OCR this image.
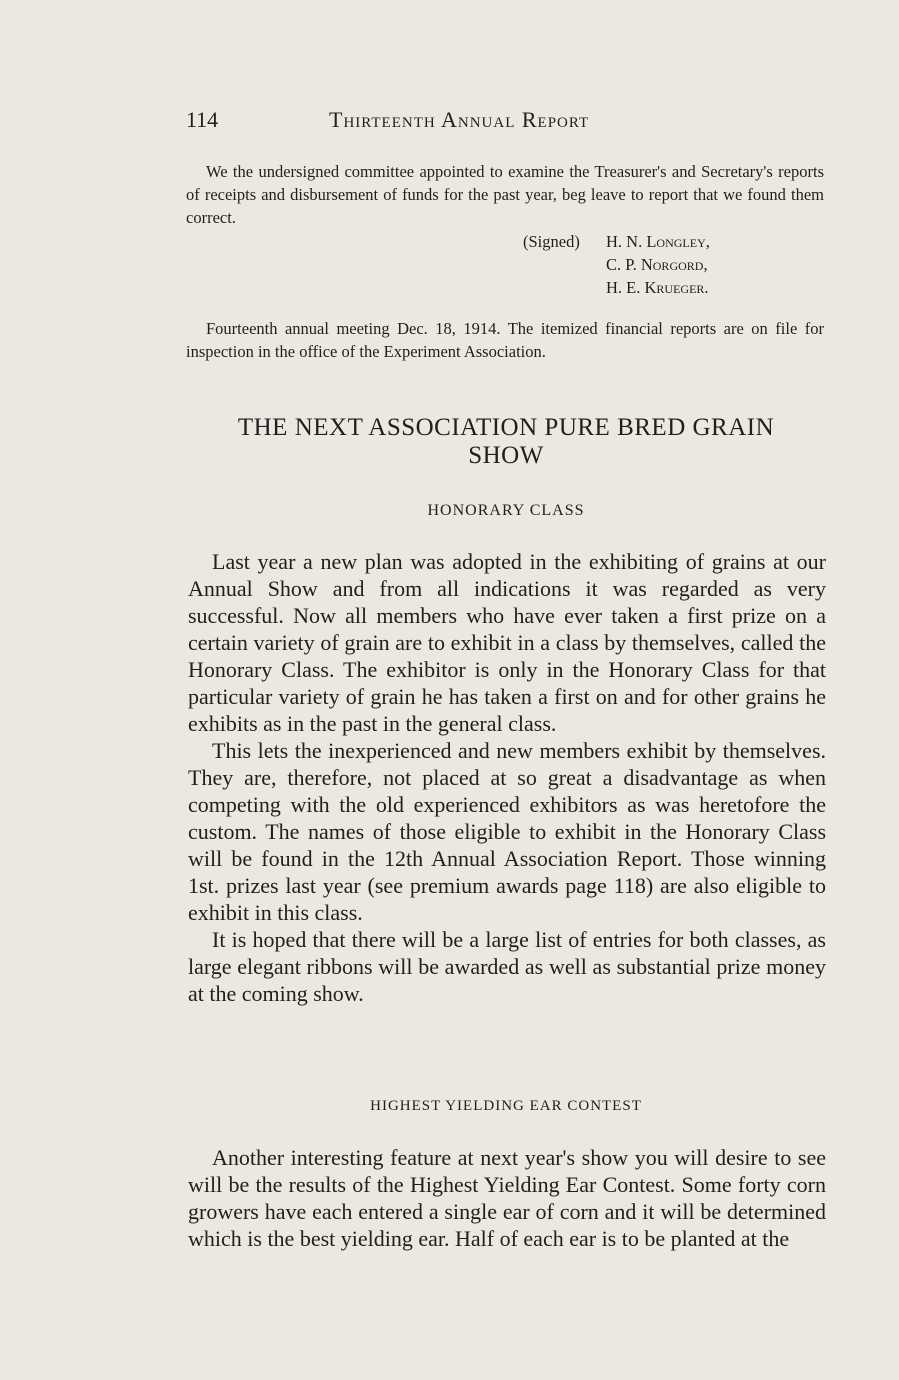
114	Thirteenth Annual Report
We the undersigned committee appointed to examine the Treasurer's and Secretary's reports of receipts and disbursement of funds for the past year, beg leave to report that we found them correct.
(Signed) H. N. Longley,
C. P. Norgord,
H. E. Krueger.
Fourteenth annual meeting Dec. 18, 1914. The itemized financial reports are on file for inspection in the office of the Experiment Association.
THE NEXT ASSOCIATION PURE BRED GRAIN
SHOW
HONORARY CLASS

Last year a new plan was adopted in the exhibiting of grains at our Annual Show and from all indications it was regarded as very successful. Now all members who have ever taken a first prize on a certain variety of grain are to exhibit in a class by themselves, called the Honorary Class. The exhibitor is only in the Honorary Class for that particular variety of grain he has taken a first on and for other grains he exhibits as in the past in the general class.

This lets the inexperienced and new members exhibit by themselves. They are, therefore, not placed at so great a disadvantage as when competing with the old experienced exhibitors as was heretofore the custom. The names of those eligible to exhibit in the Honorary Class will be found in the 12th Annual Association Report. Those winning 1st. prizes last year (see premium awards page 118) are also eligible to exhibit in this class.

It is hoped that there will be a large list of entries for both classes, as large elegant ribbons will be awarded as well as substantial prize money at the coming show.

HIGHEST YIELDING EAR CONTEST

Another interesting feature at next year's show you will desire to see will be the results of the Highest Yielding Ear Contest. Some forty corn growers have each entered a single ear of corn and it will be determined which is the best yielding ear. Half of each ear is to be planted at the
